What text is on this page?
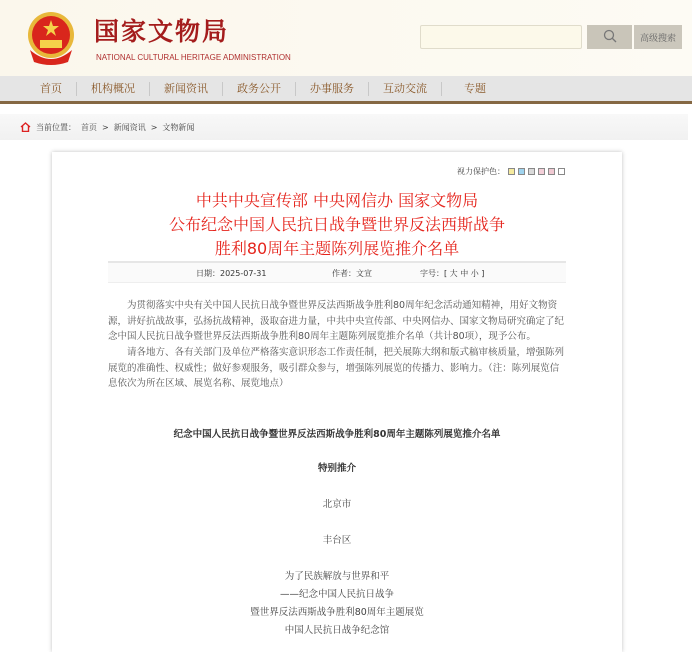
国家文物局
NATIONAL CULTURAL HERITAGE ADMINISTRATION
高级搜索
首页	机构概况	新闻资讯	政务公开	办事服务	互动交流	专题
当前位置： 首页 > 新闻资讯 > 文物新闻
视力保护色：
中共中央宣传部 中央网信办 国家文物局
公布纪念中国人民抗日战争暨世界反法西斯战争
胜利80周年主题陈列展览推介名单
日期：2025-07-31	作者：文宣	字号：[ 大 中 小 ]
为贯彻落实中央有关中国人民抗日战争暨世界反法西斯战争胜利80周年纪念活动通知精神，用好文物资源，讲好抗战故事，弘扬抗战精神，汲取奋进力量，中共中央宣传部、中央网信办、国家文物局研究确定了纪念中国人民抗日战争暨世界反法西斯战争胜利80周年主题陈列展览推介名单（共计80项），现予公布。
请各地方、各有关部门及单位严格落实意识形态工作责任制，把关展陈大纲和版式稿审核质量，增强陈列展览的准确性、权威性；做好参观服务，吸引群众参与，增强陈列展览的传播力、影响力。（注：陈列展览信息依次为所在区域、展览名称、展览地点）
纪念中国人民抗日战争暨世界反法西斯战争胜利80周年主题陈列展览推介名单
特别推介
北京市
丰台区
为了民族解放与世界和平
——纪念中国人民抗日战争
暨世界反法西斯战争胜利80周年主题展览
中国人民抗日战争纪念馆
